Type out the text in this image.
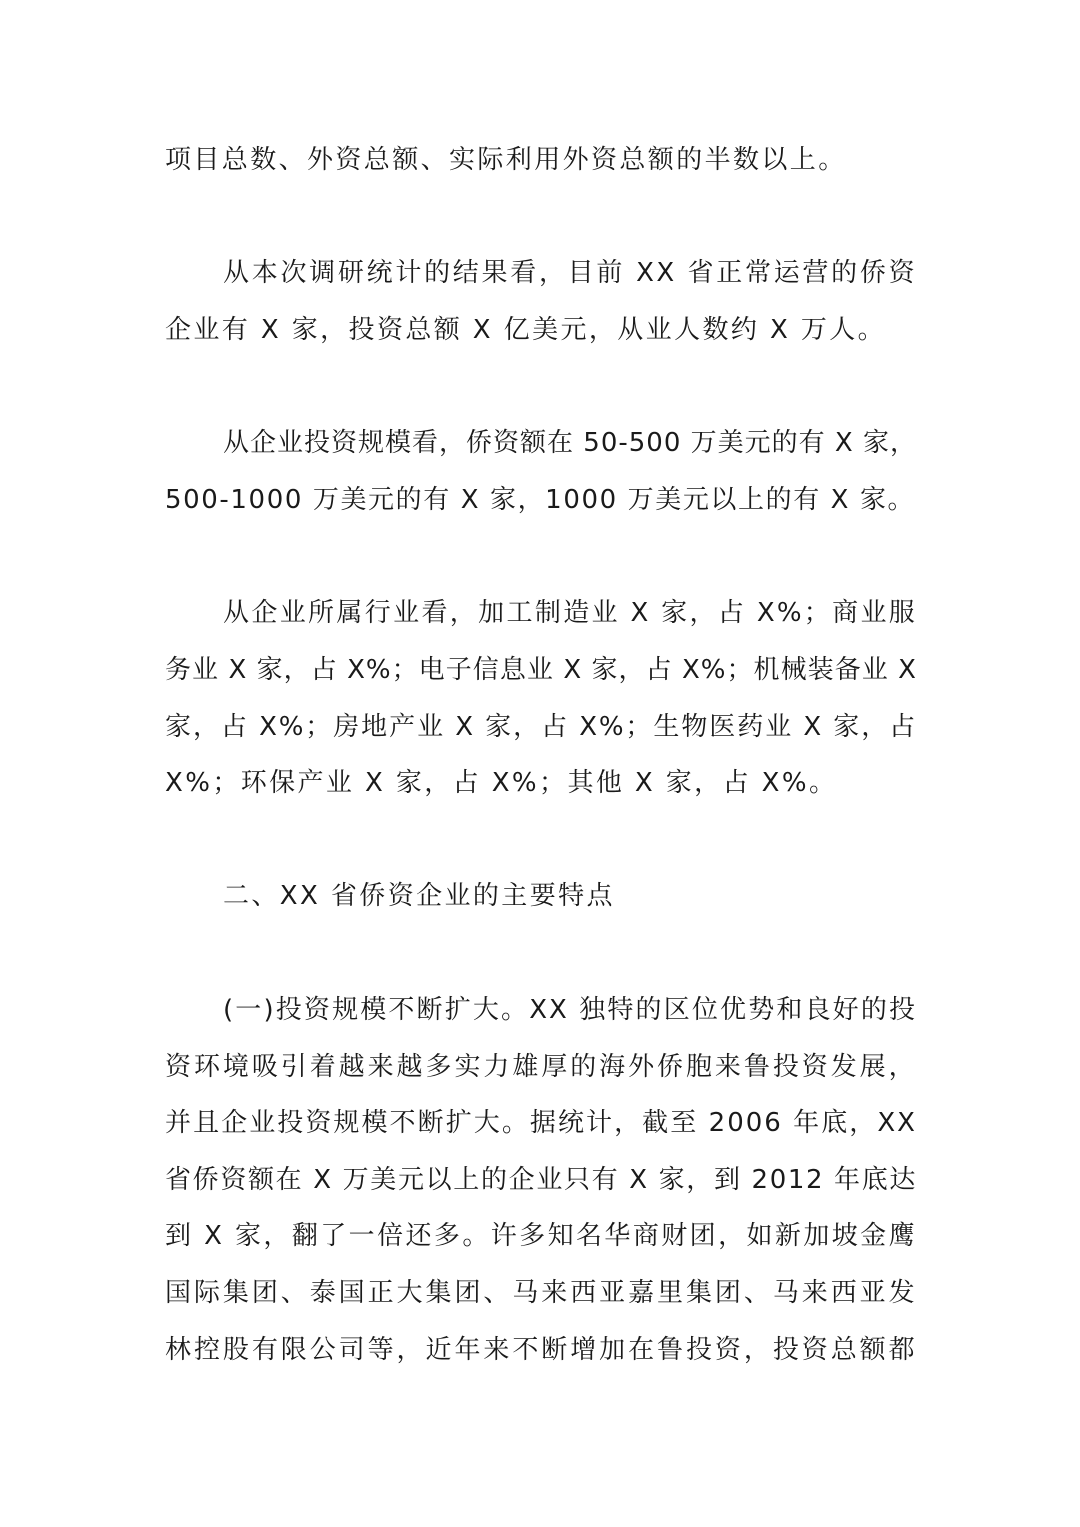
项目总数、外资总额、实际利用外资总额的半数以上。
从本次调研统计的结果看，目前 XX 省正常运营的侨资
企业有 X 家，投资总额 X 亿美元，从业人数约 X 万人。
从企业投资规模看，侨资额在 50-500 万美元的有 X 家，
500-1000 万美元的有 X 家，1000 万美元以上的有 X 家。
从企业所属行业看，加工制造业 X 家，占 X%；商业服
务业 X 家，占 X%；电子信息业 X 家，占 X%；机械装备业 X
家，占 X%；房地产业 X 家，占 X%；生物医药业 X 家，占
X%；环保产业 X 家，占 X%；其他 X 家，占 X%。
二、XX 省侨资企业的主要特点
(一)投资规模不断扩大。XX 独特的区位优势和良好的投
资环境吸引着越来越多实力雄厚的海外侨胞来鲁投资发展，
并且企业投资规模不断扩大。据统计，截至 2006 年底，XX
省侨资额在 X 万美元以上的企业只有 X 家，到 2012 年底达
到 X 家，翻了一倍还多。许多知名华商财团，如新加坡金鹰
国际集团、泰国正大集团、马来西亚嘉里集团、马来西亚发
林控股有限公司等，近年来不断增加在鲁投资，投资总额都
